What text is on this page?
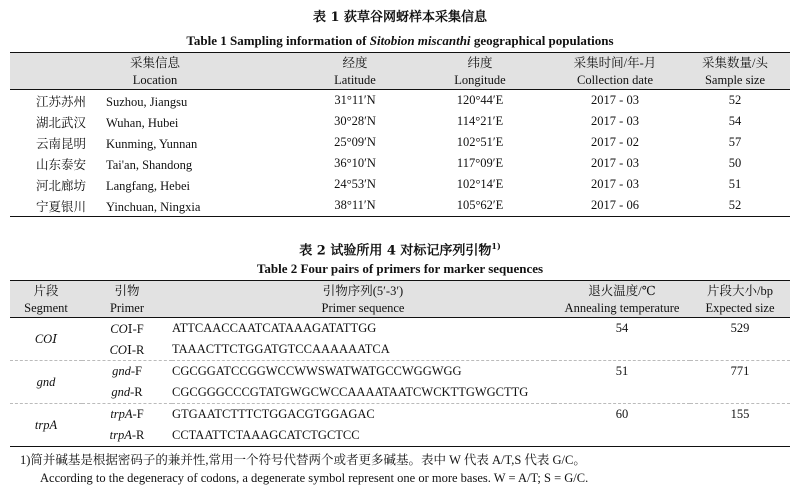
表 1 荻草谷网蚜样本采集信息
Table 1 Sampling information of Sitobion miscanthi geographical populations
采集信息	经度	纬度	采集时间/年-月	采集数量/头
Location	Latitude	Longitude	Collection date	Sample size
江苏苏州 Suzhou, Jiangsu	31°11′N	120°44′E	2017 - 03	52
湖北武汉 Wuhan, Hubei	30°28′N	114°21′E	2017 - 03	54
云南昆明 Kunming, Yunnan	25°09′N	102°51′E	2017 - 02	57
山东泰安 Tai'an, Shandong	36°10′N	117°09′E	2017 - 03	50
河北廊坊 Langfang, Hebei	24°53′N	102°14′E	2017 - 03	51
宁夏银川 Yinchuan, Ningxia	38°11′N	105°62′E	2017 - 06	52
表 2 试验所用 4 对标记序列引物$^{1)}$
Table 2 Four pairs of primers for marker sequences
片段	引物	引物序列(5′-3′)	退火温度/℃	片段大小/bp
Segment	Primer	Primer sequence	Annealing temperature	Expected size
COⅠ	COⅠ-F	ATTCAACCAATCATAAAGATATTGG	54	529
	COⅠ-R	TAAACTTCTGGATGTCCAAAAAATCA		
gnd	gnd-F	CGCGGATCCGGWCCWWSWATWATGCCWGGWGG	51	771
	gnd-R	CGCGGGCCCGTATGWGCWCCAAAATAATCWCKTTGWGCTTG		
trpA	trpA-F	GTGAATCTTTCTGGACGTGGAGAC	60	155
	trpA-R	CCTAATTCTAAAGCATCTGCTCC		
1)简并碱基是根据密码子的兼并性,常用一个符号代替两个或者更多碱基。表中 W 代表 A/T,S 代表 G/C。
According to the degeneracy of codons, a degenerate symbol represent one or more bases. W = A/T; S = G/C.
